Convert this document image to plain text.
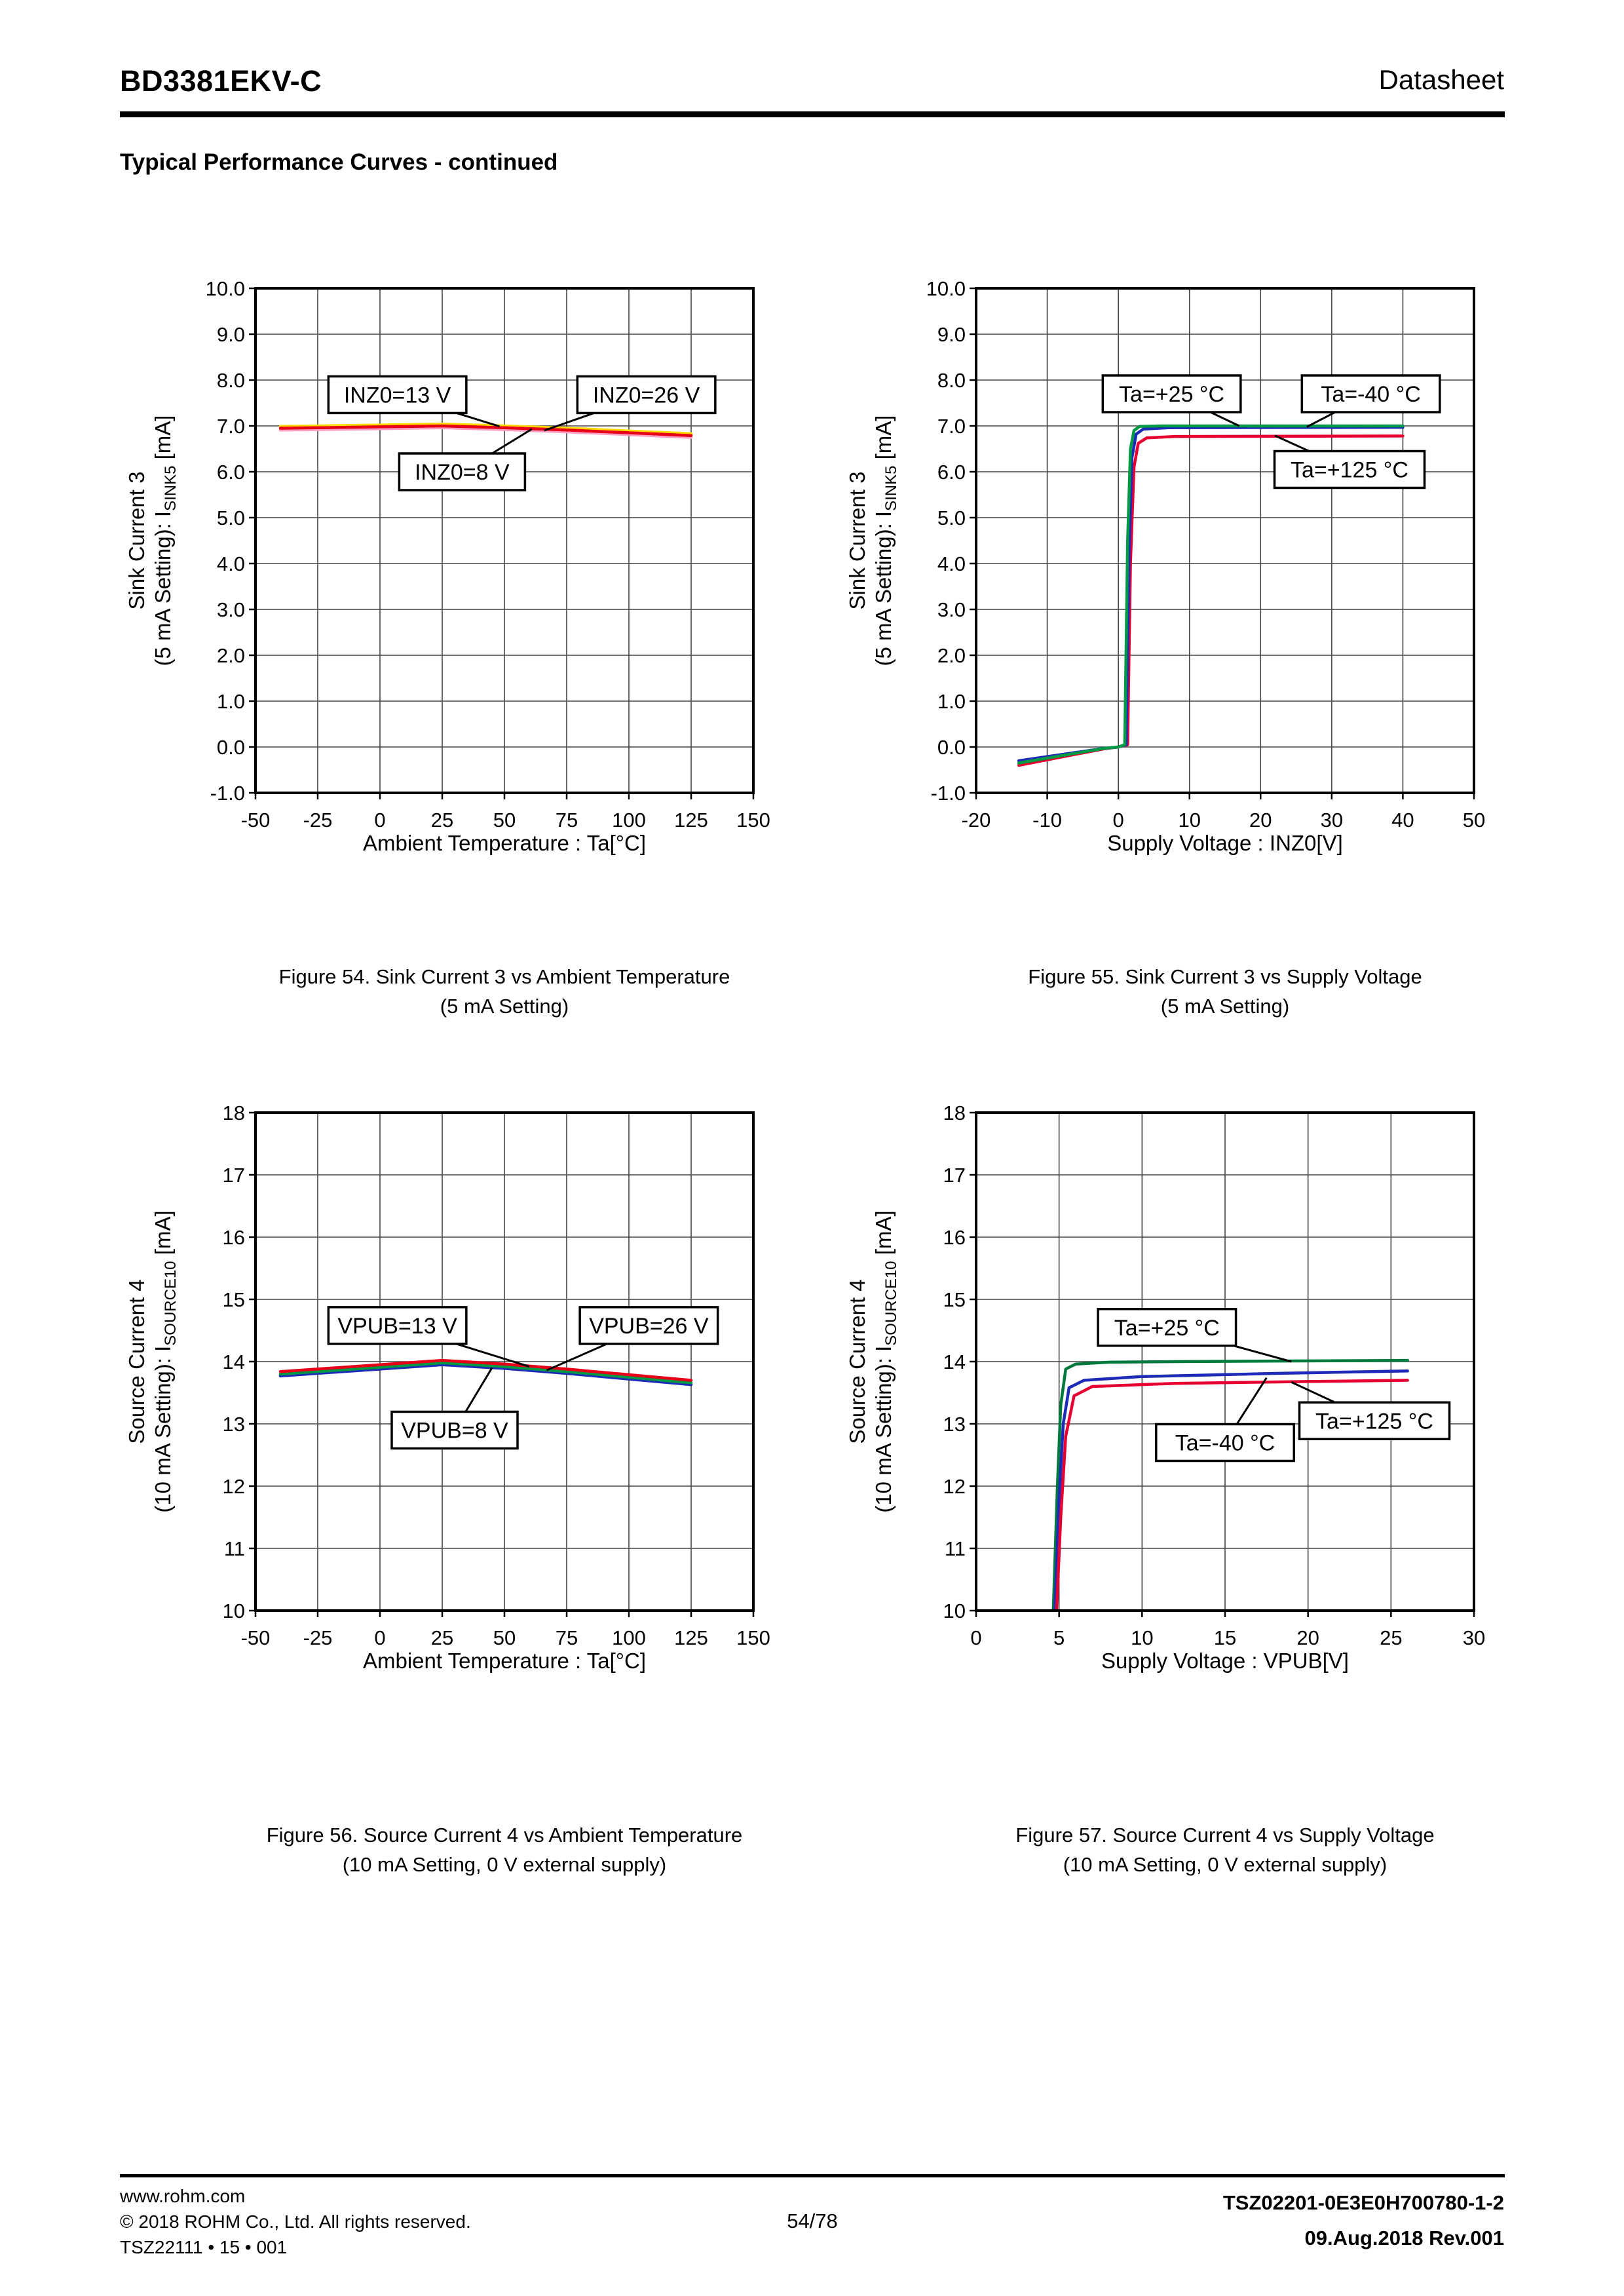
BD3381EKV-C	Datasheet
Typical Performance Curves - continued
Sink Current 3 (5 mA Setting): $I_{SINK5}$ [mA]
Ambient Temperature : Ta[°C]
-50 -25 0 25 50 75 100 125 150
-1.0
0.0
1.0
2.0
3.0
4.0
5.0
6.0
7.0
8.0
9.0
10.0
INZ0=13 V	INZ0=26 V
INZ0=8 V	Sink Current 3 (5 mA Setting): $I_{SINK5}$ [mA]
Supply Voltage : INZ0[V]
-20 -10	0	10 20 30 40 50
-1.0
0.0
1.0
2.0
3.0
4.0
5.0
6.0
7.0
8.0
9.0
10.0
Ta=+25 °C	Ta=-40 °C
Ta=+125 °C
Figure 54. Sink Current 3 vs Ambient Temperature
(5 mA Setting)
Figure 55. Sink Current 3 vs Supply Voltage
(5 mA Setting)
Source Current 4 (10 mA Setting): $I_{SOURCE10}$ [mA]
Ambient Temperature : Ta[°C]
-50 -25 0 25 50 75 100 125 150
10
11
12
13
14
15
16
17
18
VPUB=13 V	VPUB=26 V
VPUB=8 V	Source Current 4 (10 mA Setting): $I_{SOURCE10}$ [mA]
Supply Voltage : VPUB[V]
0	5	10	15	20	25	30
10
11
12
13
14
15
16
17
18
Ta=+25 °C
Ta=-40 °C
Ta=+125 °C
Figure 56. Source Current 4 vs Ambient Temperature
(10 mA Setting, 0 V external supply)
Figure 57. Source Current 4 vs Supply Voltage
(10 mA Setting, 0 V external supply)
www.rohm.com
© 2018 ROHM Co., Ltd. All rights reserved.
TSZ22111 • 15 • 001
54/78
TSZ02201-0E3E0H700780-1-2
09.Aug.2018 Rev.001
